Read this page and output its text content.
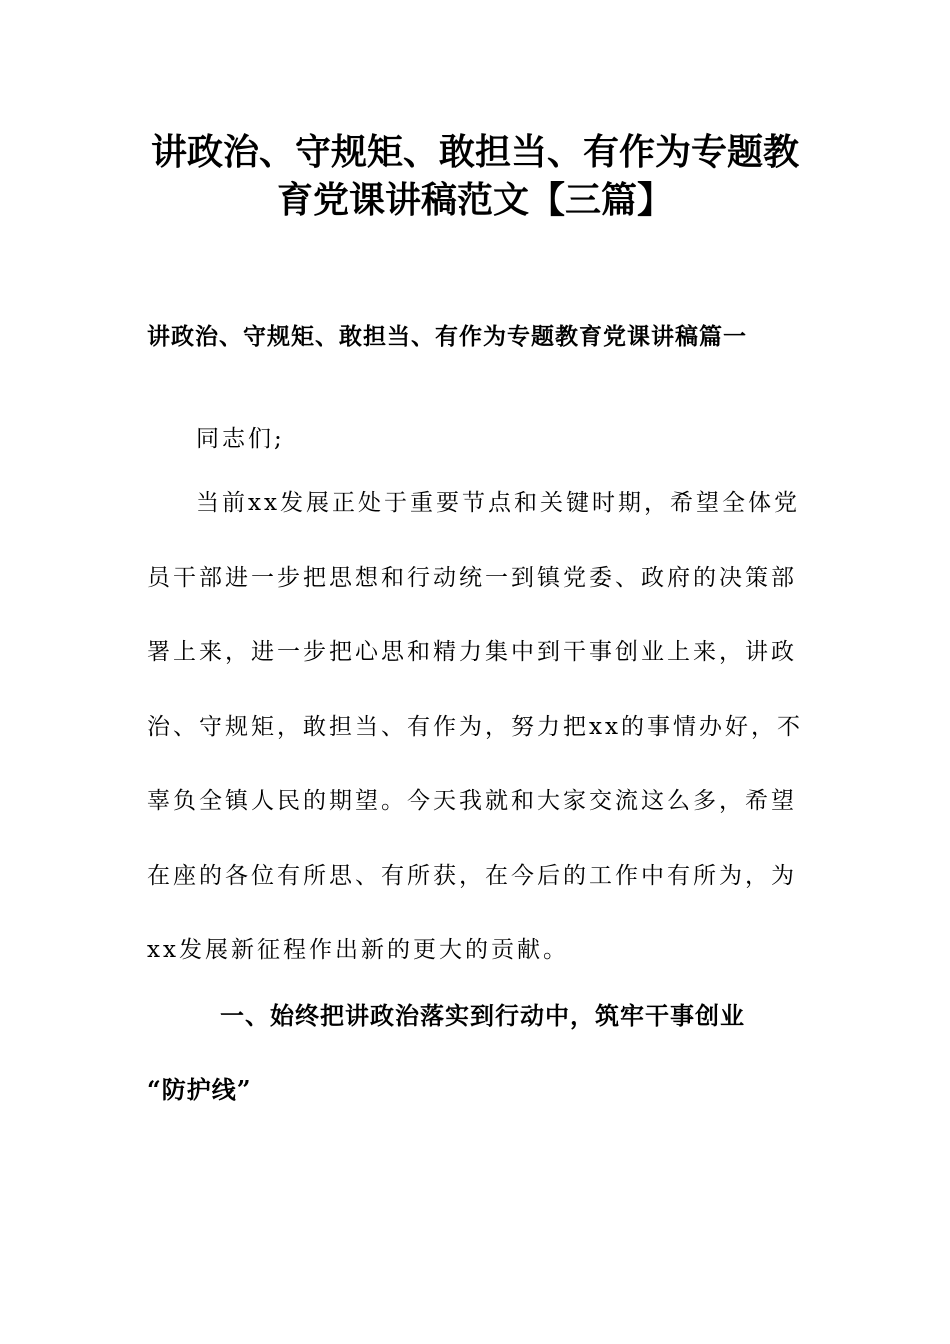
讲政治、守规矩、敢担当、有作为专题教
育党课讲稿范文【三篇】
讲政治、守规矩、敢担当、有作为专题教育党课讲稿篇一
同志们;
当前xx发展正处于重要节点和关键时期，希望全体党
员干部进一步把思想和行动统一到镇党委、政府的决策部
署上来，进一步把心思和精力集中到干事创业上来，讲政
治、守规矩，敢担当、有作为，努力把xx的事情办好，不
辜负全镇人民的期望。今天我就和大家交流这么多，希望
在座的各位有所思、有所获，在今后的工作中有所为，为
xx发展新征程作出新的更大的贡献。
一、始终把讲政治落实到行动中，筑牢干事创业
“防护线”
